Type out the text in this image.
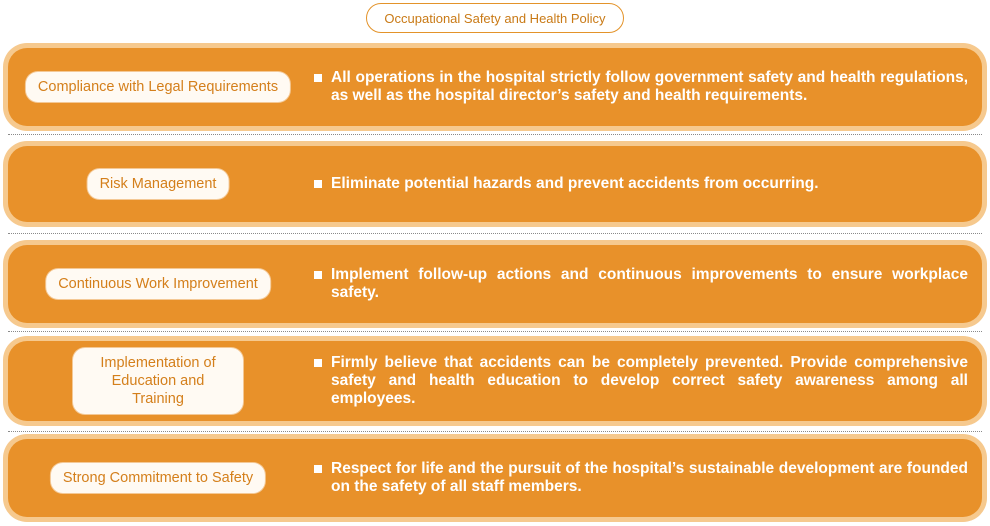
Occupational Safety and Health Policy
Compliance with Legal Requirements
All operations in the hospital strictly follow government safety and health regulations, as well as the hospital director’s safety and health requirements.
Risk Management	Eliminate potential hazards and prevent accidents from occurring.
Continuous Work Improvement
Implement follow-up actions and continuous improvements to ensure workplace safety.
Implementation of Education and Training
Firmly believe that accidents can be completely prevented. Provide comprehensive safety and health education to develop correct safety awareness among all employees.
Strong Commitment to Safety
Respect for life and the pursuit of the hospital’s sustainable development are founded on the safety of all staff members.
